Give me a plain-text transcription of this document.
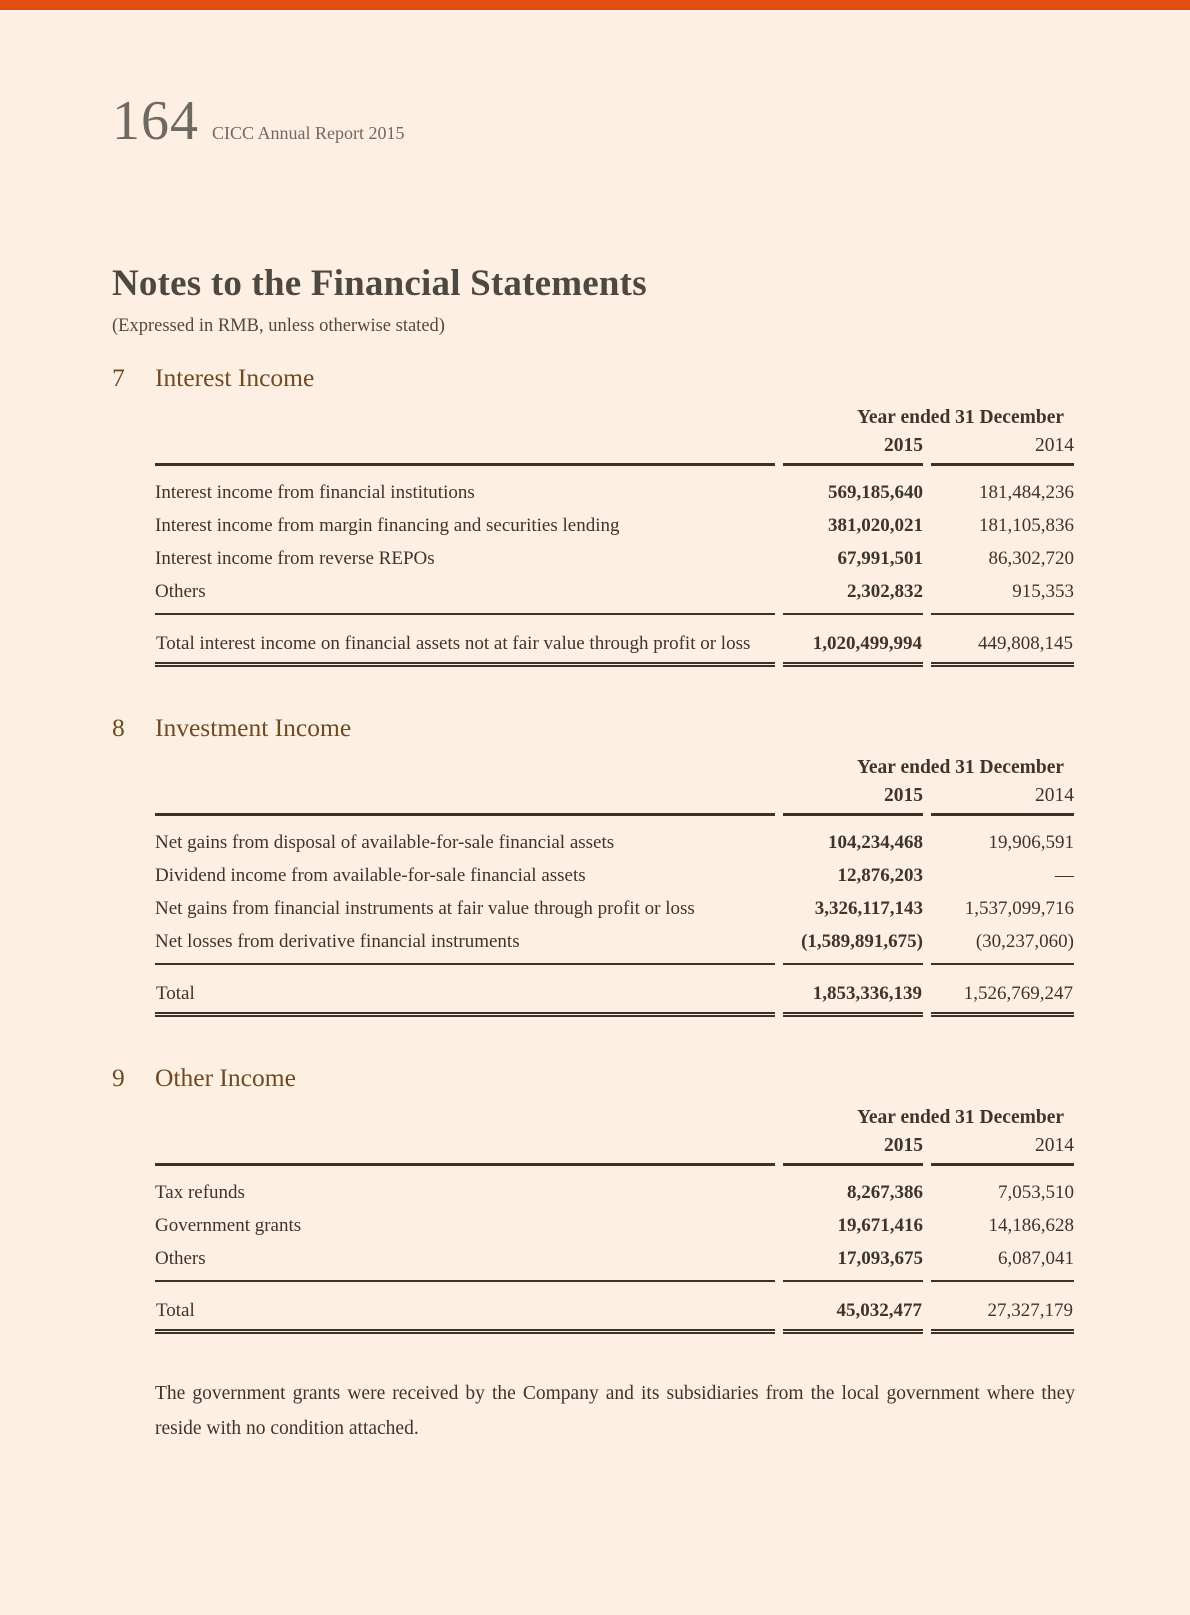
164 CICC Annual Report 2015
Notes to the Financial Statements
(Expressed in RMB, unless otherwise stated)
7	Interest Income
Year ended 31 December		
	2015	2014
Interest income from financial institutions	569,185,640	181,484,236
Interest income from margin financing and securities lending	381,020,021	181,105,836
Interest income from reverse REPOs	67,991,501	86,302,720
Others	2,302,832	915,353
Total interest income on financial assets not at fair value through profit or loss	1,020,499,994	449,808,145
8	Investment Income
Year ended 31 December		
	2015	2014
Net gains from disposal of available-for-sale financial assets	104,234,468	19,906,591
Dividend income from available-for-sale financial assets	12,876,203	—
Net gains from financial instruments at fair value through profit or loss	3,326,117,143	1,537,099,716
Net losses from derivative financial instruments	(1,589,891,675)	(30,237,060)
Total	1,853,336,139	1,526,769,247
9	Other Income
Year ended 31 December		
	2015	2014
Tax refunds	8,267,386	7,053,510
Government grants	19,671,416	14,186,628
Others	17,093,675	6,087,041
Total	45,032,477	27,327,179

The government grants were received by the Company and its subsidiaries from the local government where they reside with no condition attached.
